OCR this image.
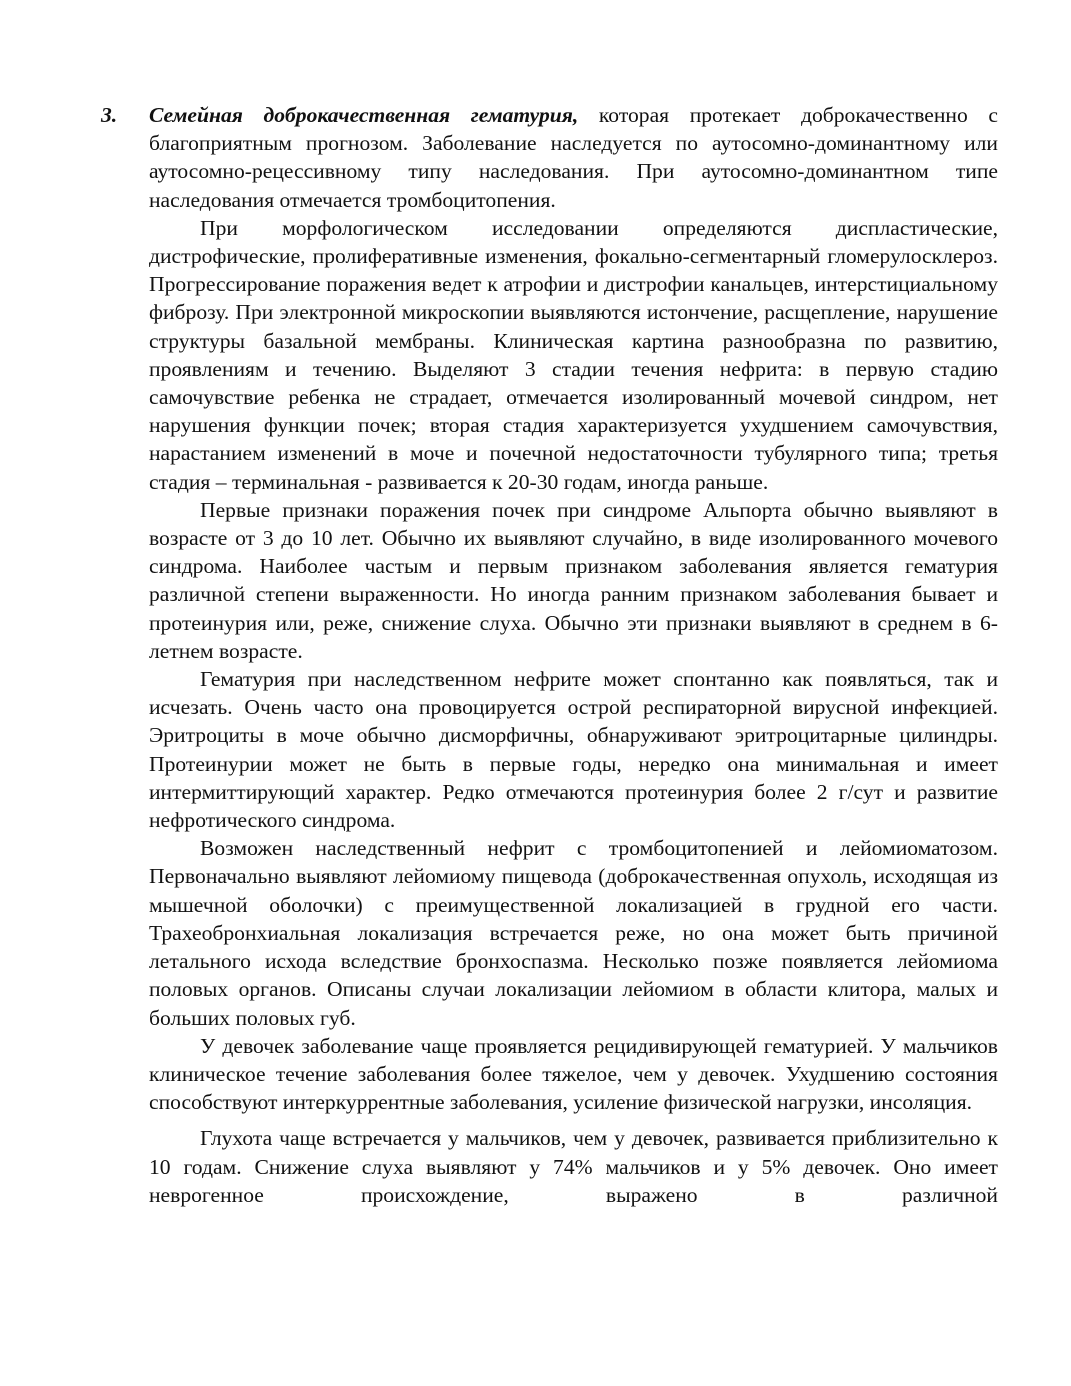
3. Семейная доброкачественная гематурия, которая протекает доброкачественно с благоприятным прогнозом. Заболевание наследуется по аутосомно-доминантному или аутосомно-рецессивному типу наследования. При аутосомно-доминантном типе наследования отмечается тромбоцитопения.

При морфологическом исследовании определяются диспластические, дистрофические, пролиферативные изменения, фокально-сегментарный гломерулосклероз. Прогрессирование поражения ведет к атрофии и дистрофии канальцев, интерстициальному фиброзу. При электронной микроскопии выявляются истончение, расщепление, нарушение структуры базальной мембраны. Клиническая картина разнообразна по развитию, проявлениям и течению. Выделяют 3 стадии течения нефрита: в первую стадию самочувствие ребенка не страдает, отмечается изолированный мочевой синдром, нет нарушения функции почек; вторая стадия характеризуется ухудшением самочувствия, нарастанием изменений в моче и почечной недостаточности тубулярного типа; третья стадия – терминальная - развивается к 20-30 годам, иногда раньше.

Первые признаки поражения почек при синдроме Альпорта обычно выявляют в возрасте от 3 до 10 лет. Обычно их выявляют случайно, в виде изолированного мочевого синдрома. Наиболее частым и первым признаком заболевания является гематурия различной степени выраженности. Но иногда ранним признаком заболевания бывает и протеинурия или, реже, снижение слуха. Обычно эти признаки выявляют в среднем в 6-летнем возрасте.

Гематурия при наследственном нефрите может спонтанно как появляться, так и исчезать. Очень часто она провоцируется острой респираторной вирусной инфекцией. Эритроциты в моче обычно дисморфичны, обнаруживают эритроцитарные цилиндры. Протеинурии может не быть в первые годы, нередко она минимальная и имеет интермиттирующий характер. Редко отмечаются протеинурия более 2 г/сут и развитие нефротического синдрома.

Возможен наследственный нефрит с тромбоцитопенией и лейомиоматозом. Первоначально выявляют лейомиому пищевода (доброкачественная опухоль, исходящая из мышечной оболочки) с преимущественной локализацией в грудной его части. Трахеобронхиальная локализация встречается реже, но она может быть причиной летального исхода вследствие бронхоспазма. Несколько позже появляется лейомиома половых органов. Описаны случаи локализации лейомиом в области клитора, малых и больших половых губ.

У девочек заболевание чаще проявляется рецидивирующей гематурией. У мальчиков клиническое течение заболевания более тяжелое, чем у девочек. Ухудшению состояния способствуют интеркуррентные заболевания, усиление физической нагрузки, инсоляция.

Глухота чаще встречается у мальчиков, чем у девочек, развивается приблизительно к 10 годам. Снижение слуха выявляют у 74% мальчиков и у 5% девочек. Оно имеет неврогенное происхождение, выражено в различной
